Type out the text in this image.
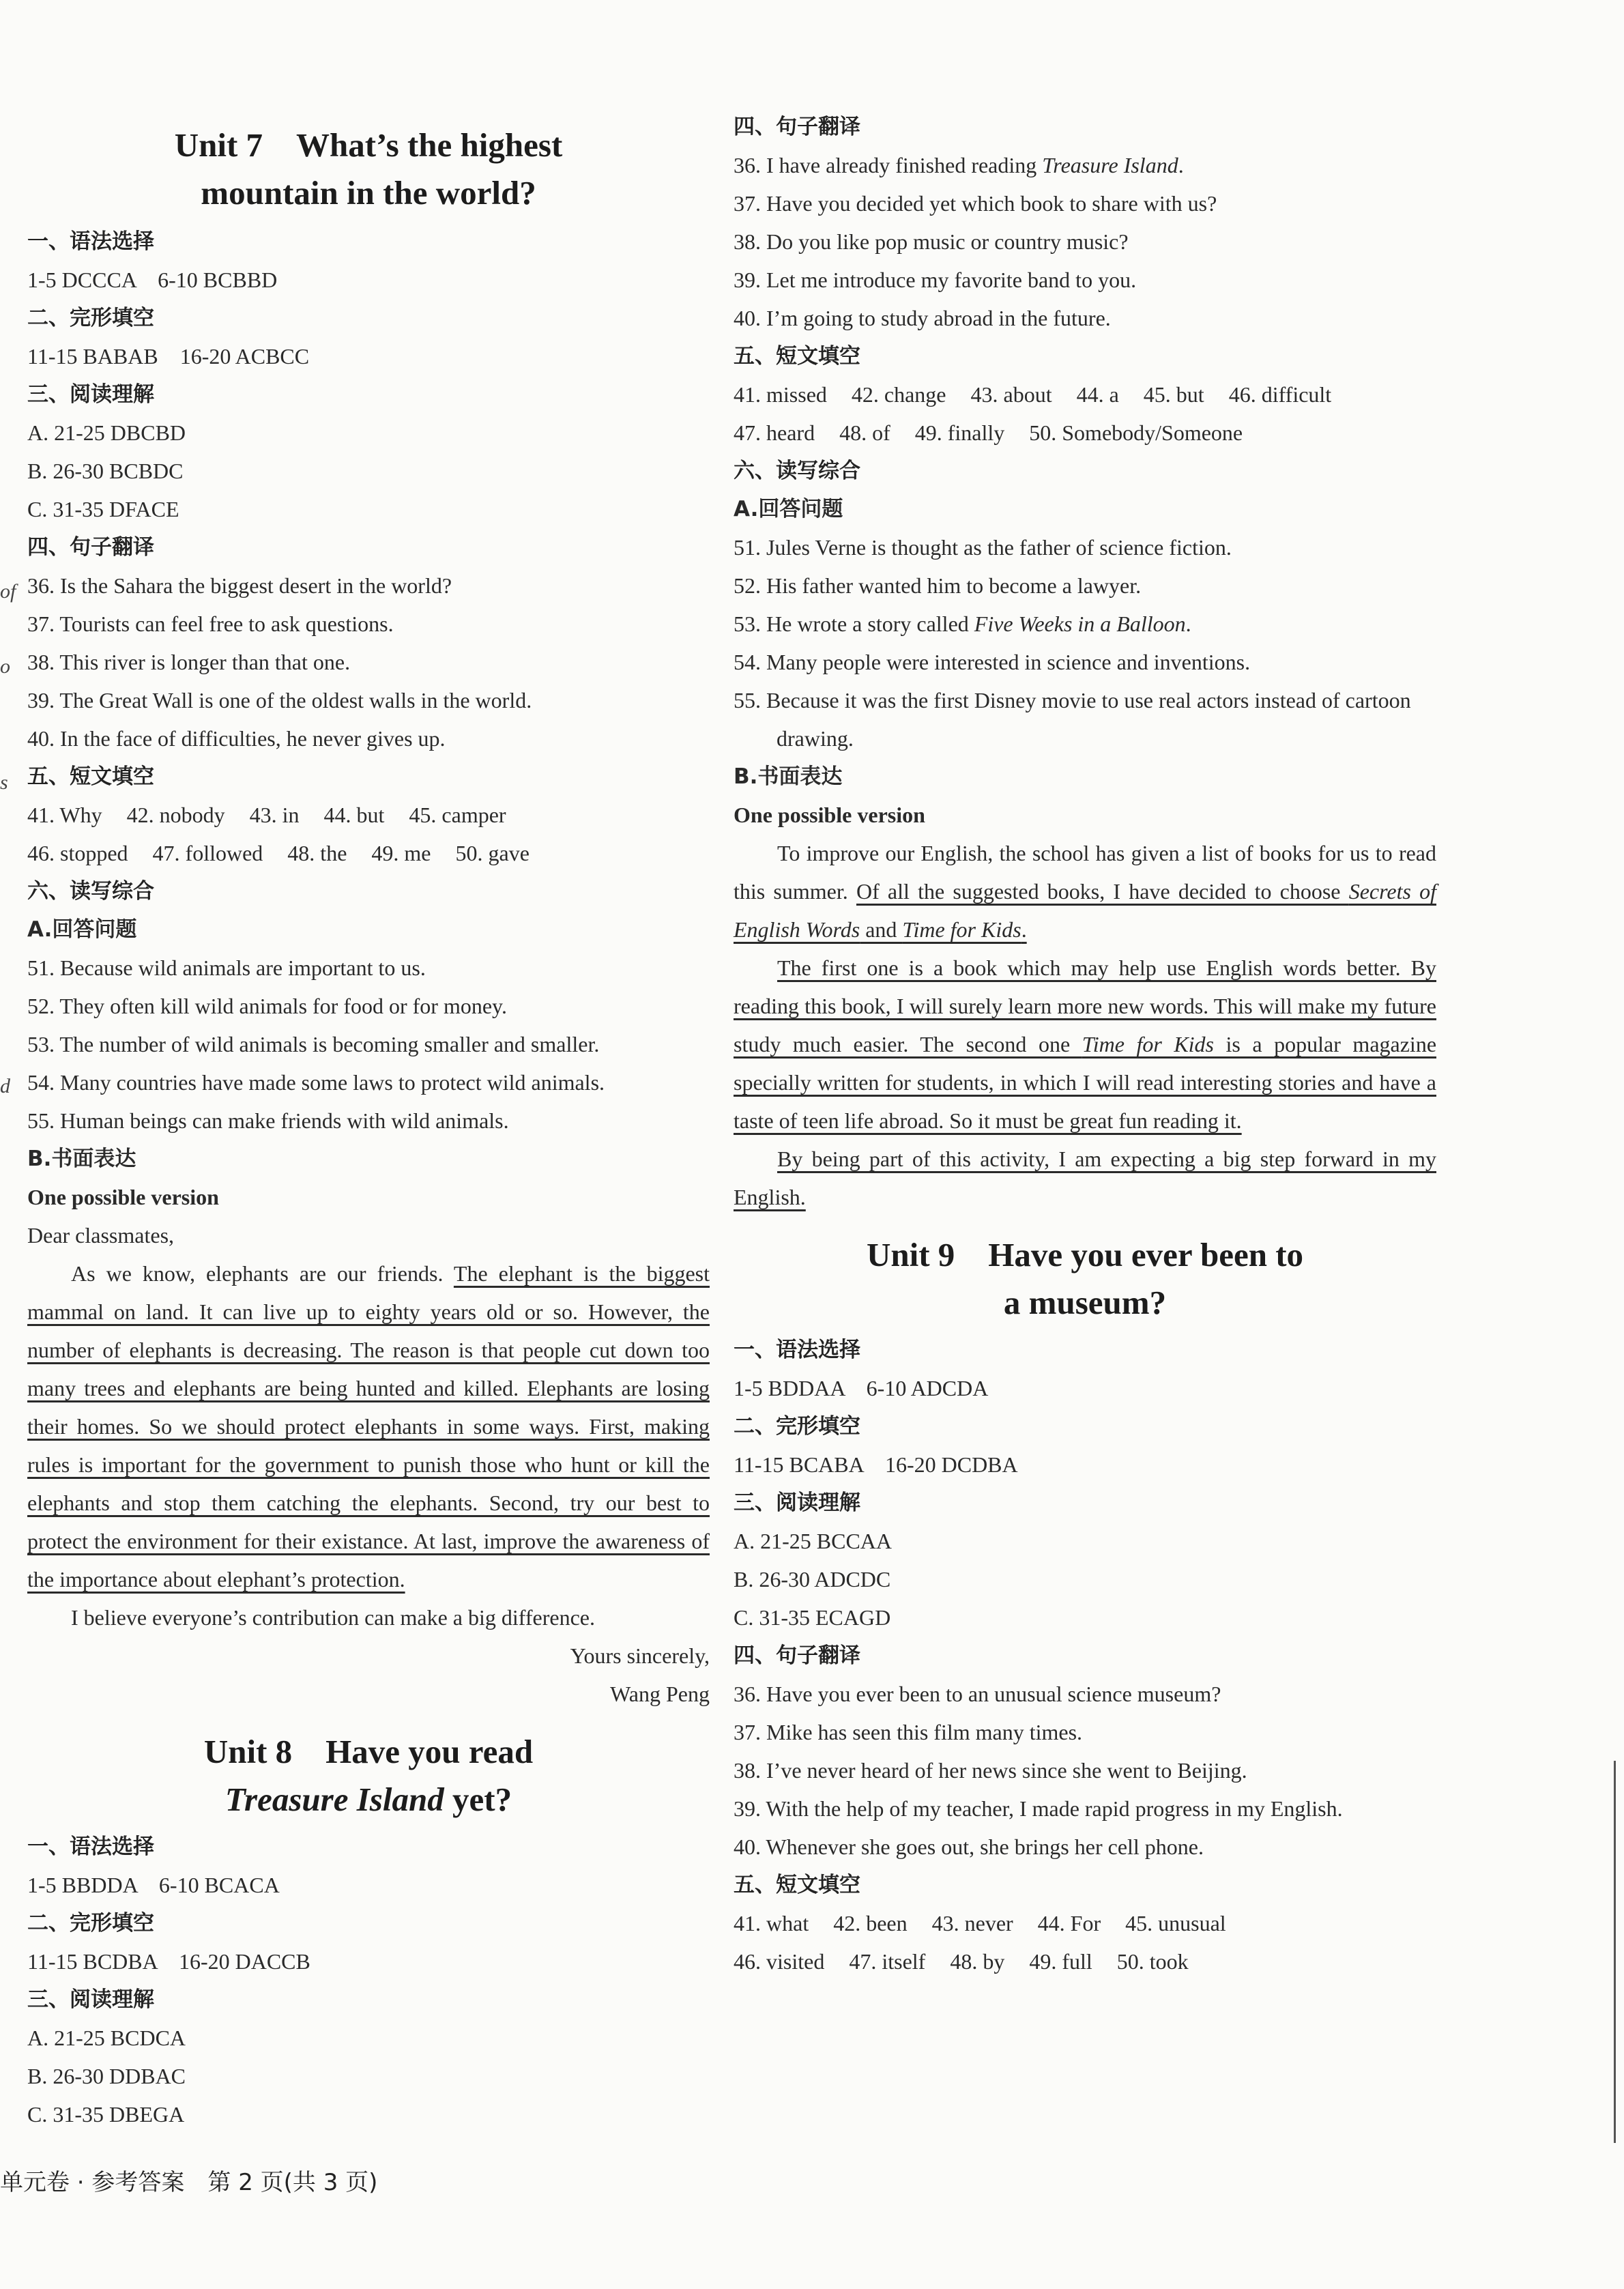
Unit 7　What’s the highest
mountain in the world?
一、语法选择
1-5 DCCCA　6-10 BCBBD
二、完形填空
11-15 BABAB　16-20 ACBCC
三、阅读理解
A. 21-25 DBCBD
B. 26-30 BCBDC
C. 31-35 DFACE
四、句子翻译
36. Is the Sahara the biggest desert in the world?
37. Tourists can feel free to ask questions.
38. This river is longer than that one.
39. The Great Wall is one of the oldest walls in the world.
40. In the face of difficulties, he never gives up.
五、短文填空
41. Why 42. nobody 43. in 44. but 45. camper
46. stopped 47. followed 48. the 49. me 50. gave
六、读写综合
A.回答问题
51. Because wild animals are important to us.
52. They often kill wild animals for food or for money.
53. The number of wild animals is becoming smaller and smaller.
54. Many countries have made some laws to protect wild animals.
55. Human beings can make friends with wild animals.
B.书面表达
One possible version
Dear classmates,
As we know, elephants are our friends. The elephant is the biggest mammal on land. It can live up to eighty years old or so. However, the number of elephants is decreasing. The reason is that people cut down too many trees and elephants are being hunted and killed. Elephants are losing their homes. So we should protect elephants in some ways. First, making rules is important for the government to punish those who hunt or kill the elephants and stop them catching the elephants. Second, try our best to protect the environment for their existance. At last, improve the awareness of the importance about elephant’s protection.
I believe everyone’s contribution can make a big difference.
Yours sincerely,
Wang Peng
Unit 8　Have you read
Treasure Island yet?
一、语法选择
1-5 BBDDA　6-10 BCACA
二、完形填空
11-15 BCDBA　16-20 DACCB
三、阅读理解
A. 21-25 BCDCA
B. 26-30 DDBAC
C. 31-35 DBEGA
四、句子翻译
36. I have already finished reading Treasure Island.
37. Have you decided yet which book to share with us?
38. Do you like pop music or country music?
39. Let me introduce my favorite band to you.
40. I’m going to study abroad in the future.
五、短文填空
41. missed 42. change 43. about 44. a 45. but 46. difficult
47. heard 48. of 49. finally 50. Somebody/Someone
六、读写综合
A.回答问题
51. Jules Verne is thought as the father of science fiction.
52. His father wanted him to become a lawyer.
53. He wrote a story called Five Weeks in a Balloon.
54. Many people were interested in science and inventions.
55. Because it was the first Disney movie to use real actors instead of cartoon drawing.
B.书面表达
One possible version
To improve our English, the school has given a list of books for us to read this summer. Of all the suggested books, I have decided to choose Secrets of English Words and Time for Kids.
The first one is a book which may help use English words better. By reading this book, I will surely learn more new words. This will make my future study much easier. The second one Time for Kids is a popular magazine specially written for students, in which I will read interesting stories and have a taste of teen life abroad. So it must be great fun reading it.
By being part of this activity, I am expecting a big step forward in my English.
Unit 9　Have you ever been to
a museum?
一、语法选择
1-5 BDDAA　6-10 ADCDA
二、完形填空
11-15 BCABA　16-20 DCDBA
三、阅读理解
A. 21-25 BCCAA
B. 26-30 ADCDC
C. 31-35 ECAGD
四、句子翻译
36. Have you ever been to an unusual science museum?
37. Mike has seen this film many times.
38. I’ve never heard of her news since she went to Beijing.
39. With the help of my teacher, I made rapid progress in my English.
40. Whenever she goes out, she brings her cell phone.
五、短文填空
41. what 42. been 43. never 44. For 45. unusual
46. visited 47. itself 48. by 49. full 50. took
of
o
s
d
单元卷 · 参考答案　第 2 页(共 3 页)
